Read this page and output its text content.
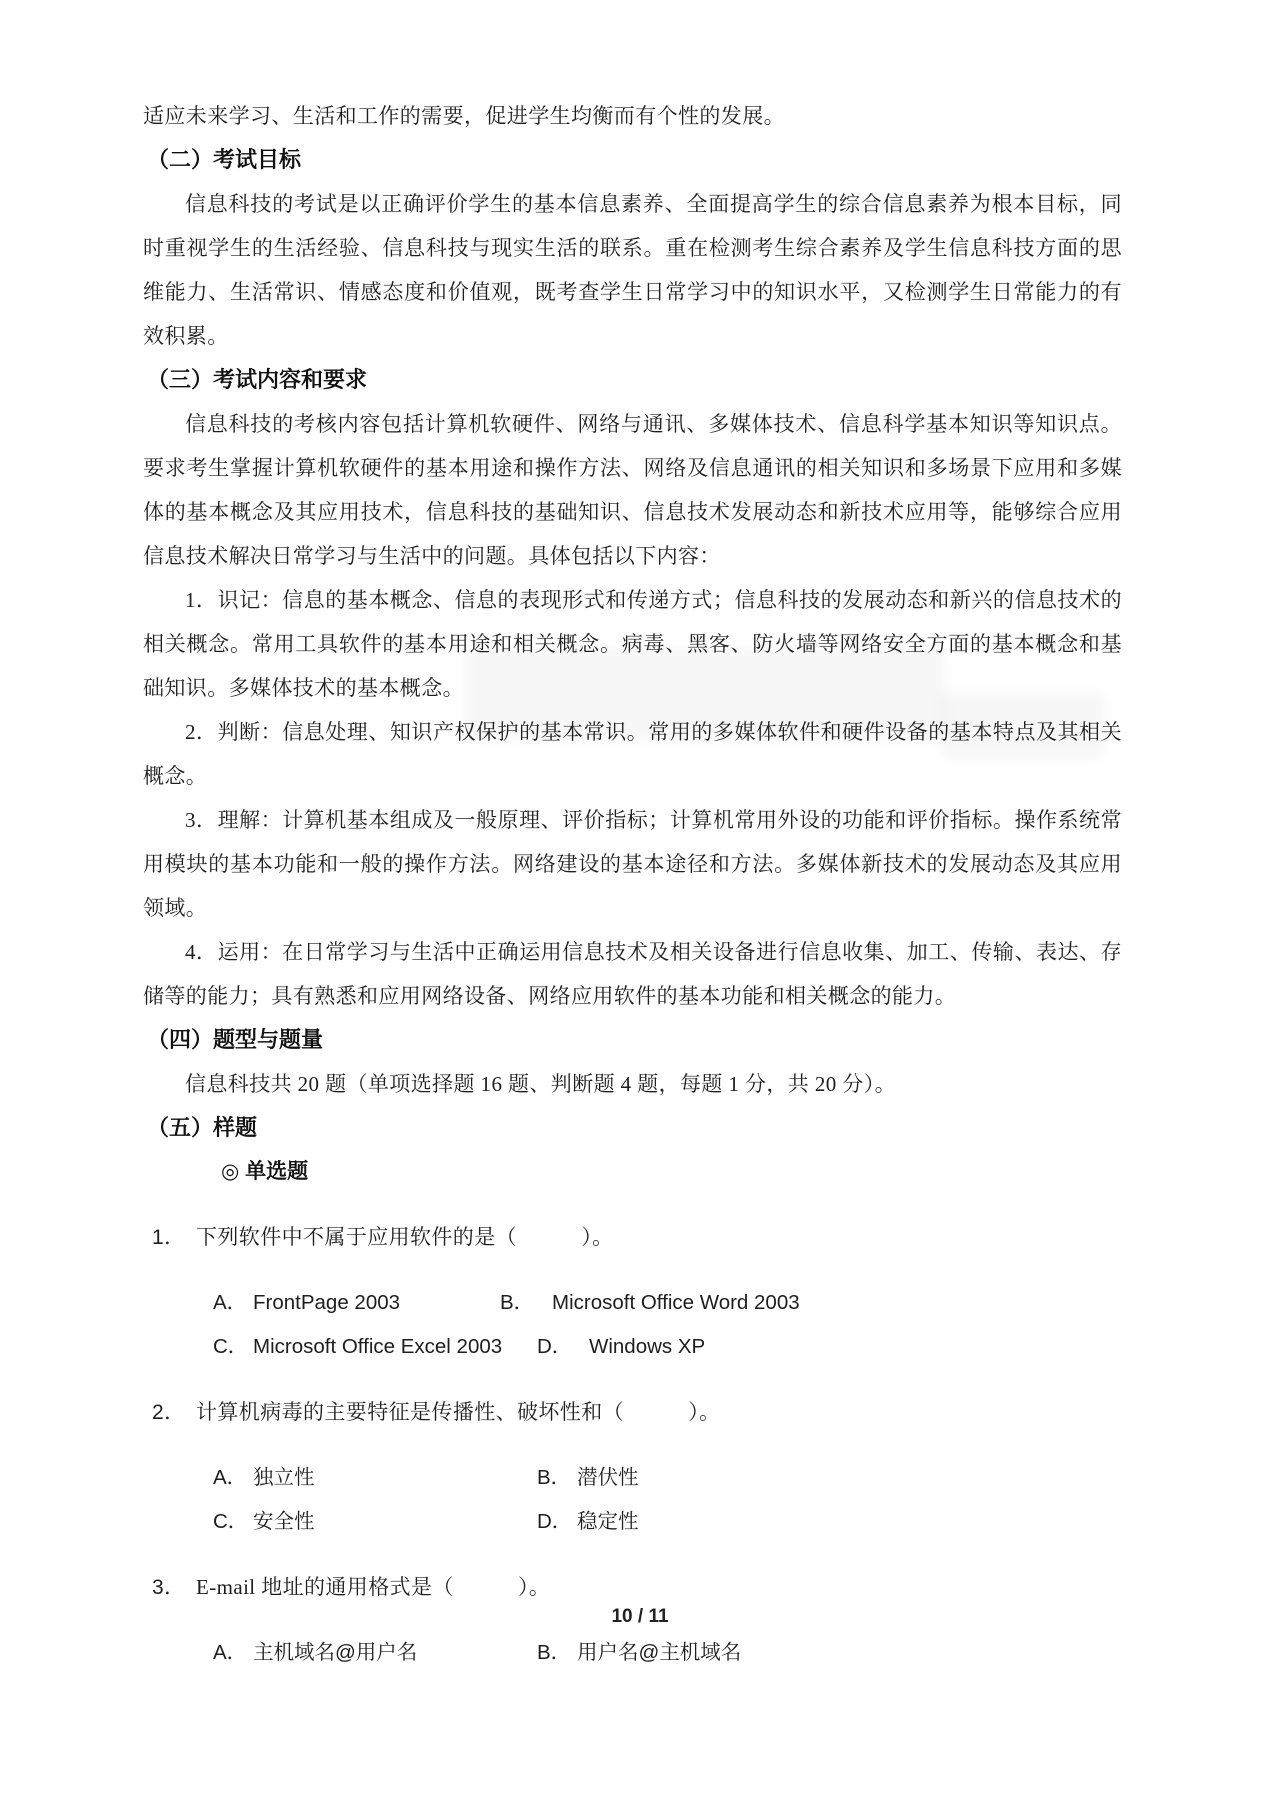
适应未来学习、生活和工作的需要，促进学生均衡而有个性的发展。

（二）考试目标

信息科技的考试是以正确评价学生的基本信息素养、全面提高学生的综合信息素养为根本目标，同时重视学生的生活经验、信息科技与现实生活的联系。重在检测考生综合素养及学生信息科技方面的思维能力、生活常识、情感态度和价值观，既考查学生日常学习中的知识水平，又检测学生日常能力的有效积累。

（三）考试内容和要求

信息科技的考核内容包括计算机软硬件、网络与通讯、多媒体技术、信息科学基本知识等知识点。要求考生掌握计算机软硬件的基本用途和操作方法、网络及信息通讯的相关知识和多场景下应用和多媒体的基本概念及其应用技术，信息科技的基础知识、信息技术发展动态和新技术应用等，能够综合应用信息技术解决日常学习与生活中的问题。具体包括以下内容：

1．识记：信息的基本概念、信息的表现形式和传递方式；信息科技的发展动态和新兴的信息技术的相关概念。常用工具软件的基本用途和相关概念。病毒、黑客、防火墙等网络安全方面的基本概念和基础知识。多媒体技术的基本概念。

2．判断：信息处理、知识产权保护的基本常识。常用的多媒体软件和硬件设备的基本特点及其相关概念。

3．理解：计算机基本组成及一般原理、评价指标；计算机常用外设的功能和评价指标。操作系统常用模块的基本功能和一般的操作方法。网络建设的基本途径和方法。多媒体新技术的发展动态及其应用领域。

4．运用：在日常学习与生活中正确运用信息技术及相关设备进行信息收集、加工、传输、表达、存储等的能力；具有熟悉和应用网络设备、网络应用软件的基本功能和相关概念的能力。

（四）题型与题量

信息科技共 20 题（单项选择题 16 题、判断题 4 题，每题 1 分，共 20 分）。

（五）样题
◎ 单选题

1． 下列软件中不属于应用软件的是（　　　）。

A． FrontPage 2003	B． Microsoft Office Word 2003
C． Microsoft Office Excel 2003	D． Windows XP

2． 计算机病毒的主要特征是传播性、破坏性和（　　　）。

A． 独立性	B． 潜伏性
C． 安全性	D． 稳定性

3． E-mail 地址的通用格式是（　　　）。

A． 主机域名@用户名	B． 用户名@主机域名
10 / 11
